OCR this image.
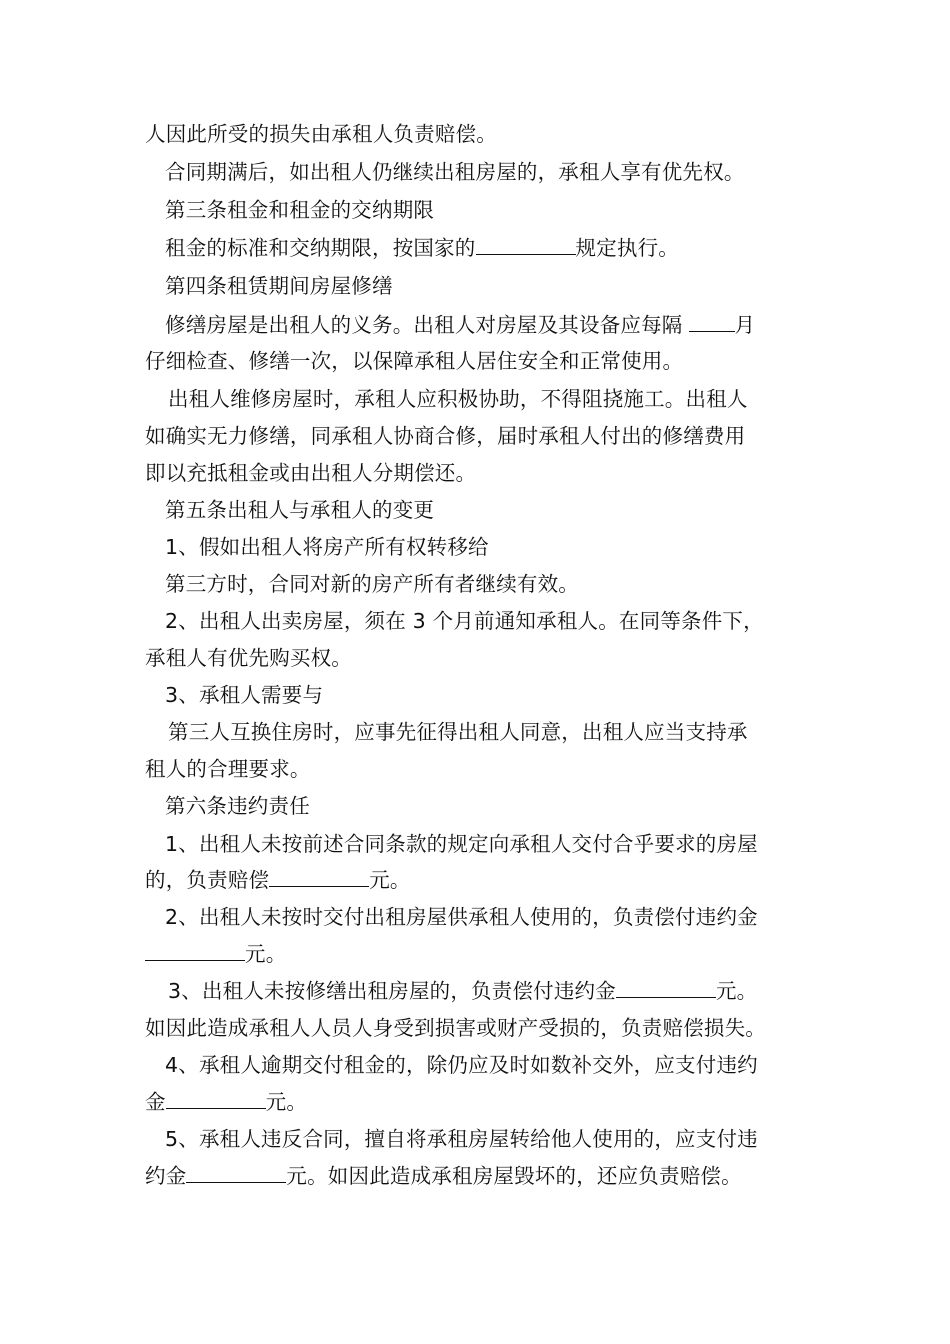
人因此所受的损失由承租人负责赔偿。
合同期满后，如出租人仍继续出租房屋的，承租人享有优先权。
第三条租金和租金的交纳期限
租金的标准和交纳期限，按国家的	规定执行。
第四条租赁期间房屋修缮
修缮房屋是出租人的义务。出租人对房屋及其设备应每隔	月
仔细检查、修缮一次，以保障承租人居住安全和正常使用。
出租人维修房屋时，承租人应积极协助，不得阻挠施工。出租人
如确实无力修缮，同承租人协商合修，届时承租人付出的修缮费用
即以充抵租金或由出租人分期偿还。
第五条出租人与承租人的变更
1、假如出租人将房产所有权转移给
第三方时，合同对新的房产所有者继续有效。
2、出租人出卖房屋，须在 3 个月前通知承租人。在同等条件下，
承租人有优先购买权。
3、承租人需要与
第三人互换住房时，应事先征得出租人同意，出租人应当支持承
租人的合理要求。
第六条违约责任
1、出租人未按前述合同条款的规定向承租人交付合乎要求的房屋
的，负责赔偿	元。
2、出租人未按时交付出租房屋供承租人使用的，负责偿付违约金
元。
3、出租人未按修缮出租房屋的，负责偿付违约金	元。
如因此造成承租人人员人身受到损害或财产受损的，负责赔偿损失。
4、承租人逾期交付租金的，除仍应及时如数补交外，应支付违约
金	元。
5、承租人违反合同，擅自将承租房屋转给他人使用的，应支付违
约金	元。如因此造成承租房屋毁坏的，还应负责赔偿。
